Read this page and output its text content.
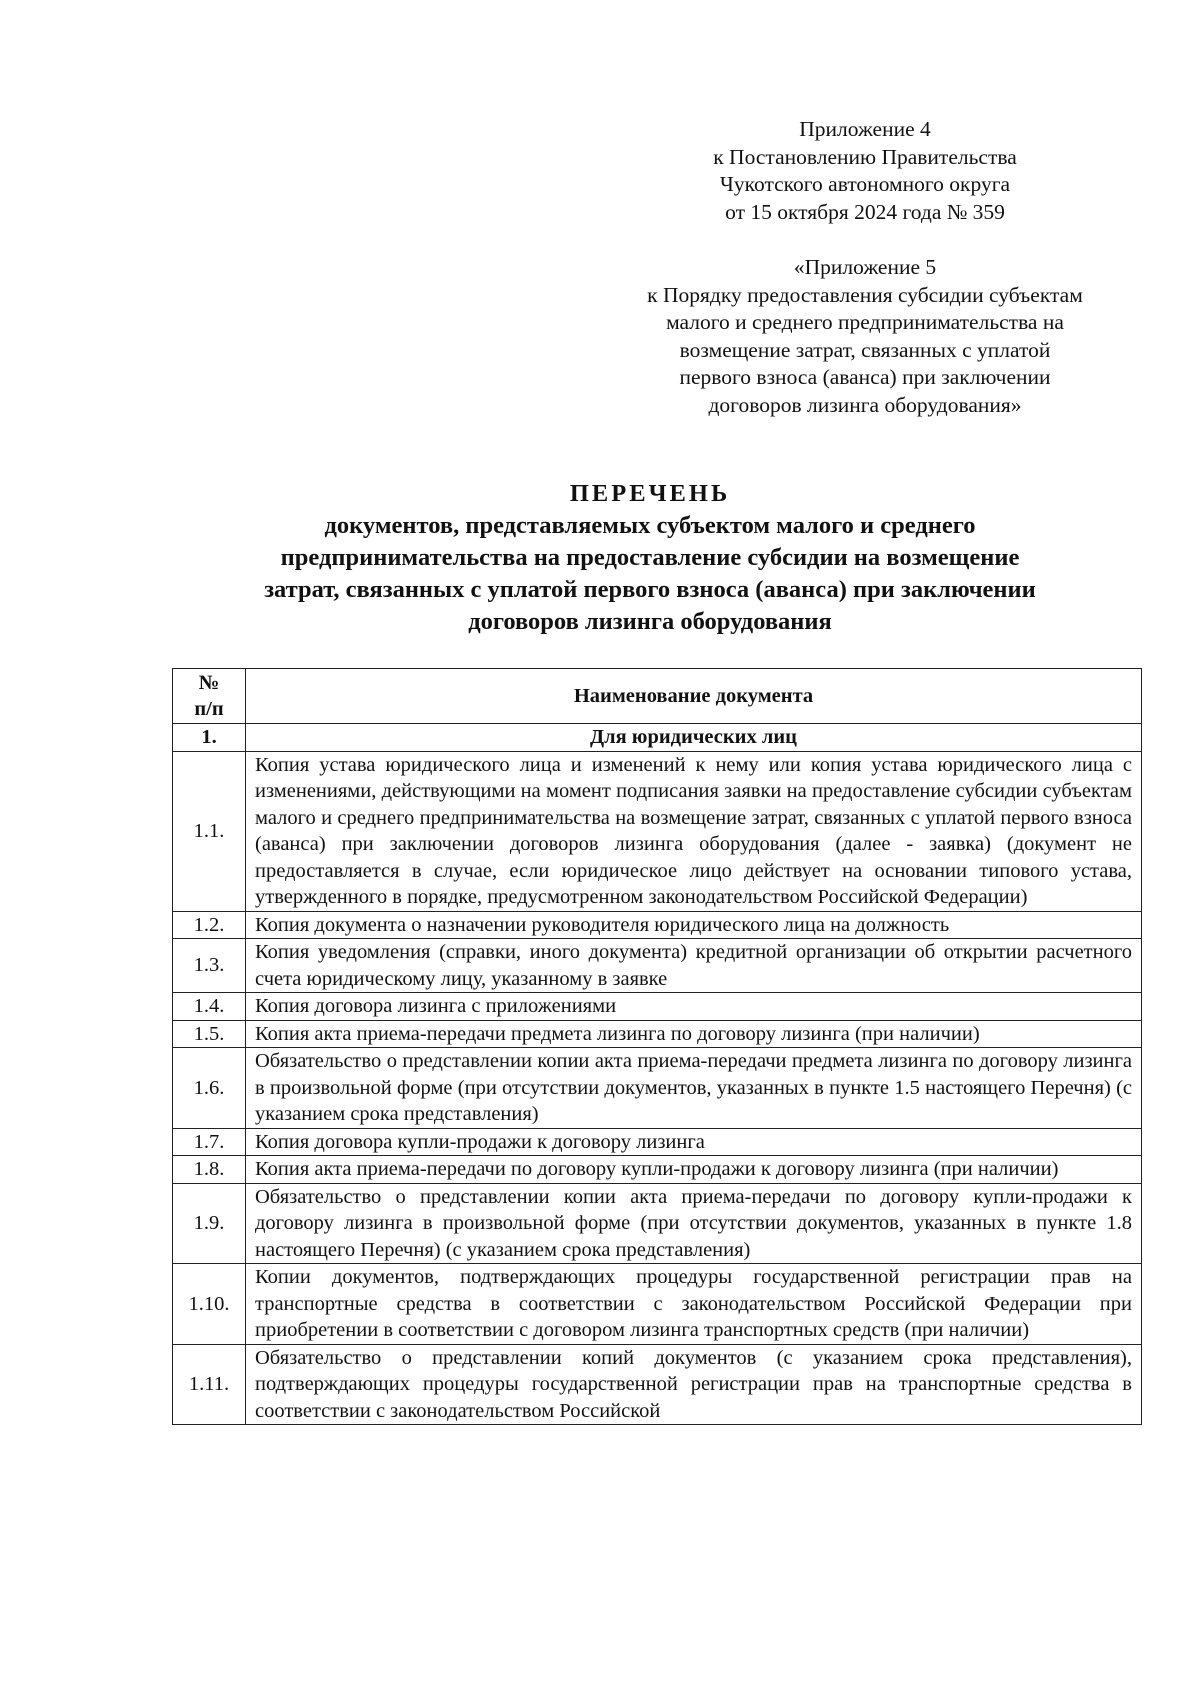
Приложение 4
к Постановлению Правительства
Чукотского автономного округа
от 15 октября 2024 года № 359
«Приложение 5
к Порядку предоставления субсидии субъектам
малого и среднего предпринимательства на
возмещение затрат, связанных с уплатой
первого взноса (аванса) при заключении
договоров лизинга оборудования»
ПЕРЕЧЕНЬ
документов, представляемых субъектом малого и среднего
предпринимательства на предоставление субсидии на возмещение
затрат, связанных с уплатой первого взноса (аванса) при заключении
договоров лизинга оборудования
№
п/п	Наименование документа
1.	Для юридических лиц
1.1.	Копия устава юридического лица и изменений к нему или копия устава юридического лица с изменениями, действующими на момент подписания заявки на предоставление субсидии субъектам малого и среднего предпринимательства на возмещение затрат, связанных с уплатой первого взноса (аванса) при заключении договоров лизинга оборудования (далее - заявка) (документ не предоставляется в случае, если юридическое лицо действует на основании типового устава, утвержденного в порядке, предусмотренном законодательством Российской Федерации)
1.2.	Копия документа о назначении руководителя юридического лица на должность
1.3.	Копия уведомления (справки, иного документа) кредитной организации об открытии расчетного счета юридическому лицу, указанному в заявке
1.4.	Копия договора лизинга с приложениями
1.5.	Копия акта приема-передачи предмета лизинга по договору лизинга (при наличии)
1.6.	Обязательство о представлении копии акта приема-передачи предмета лизинга по договору лизинга в произвольной форме (при отсутствии документов, указанных в пункте 1.5 настоящего Перечня) (с указанием срока представления)
1.7.	Копия договора купли-продажи к договору лизинга
1.8.	Копия акта приема-передачи по договору купли-продажи к договору лизинга (при наличии)
1.9.	Обязательство о представлении копии акта приема-передачи по договору купли-продажи к договору лизинга в произвольной форме (при отсутствии документов, указанных в пункте 1.8 настоящего Перечня) (с указанием срока представления)
1.10.	Копии документов, подтверждающих процедуры государственной регистрации прав на транспортные средства в соответствии с законодательством Российской Федерации при приобретении в соответствии с договором лизинга транспортных средств (при наличии)
1.11.	Обязательство о представлении копий документов (с указанием срока представления), подтверждающих процедуры государственной регистрации прав на транспортные средства в соответствии с законодательством Российской
